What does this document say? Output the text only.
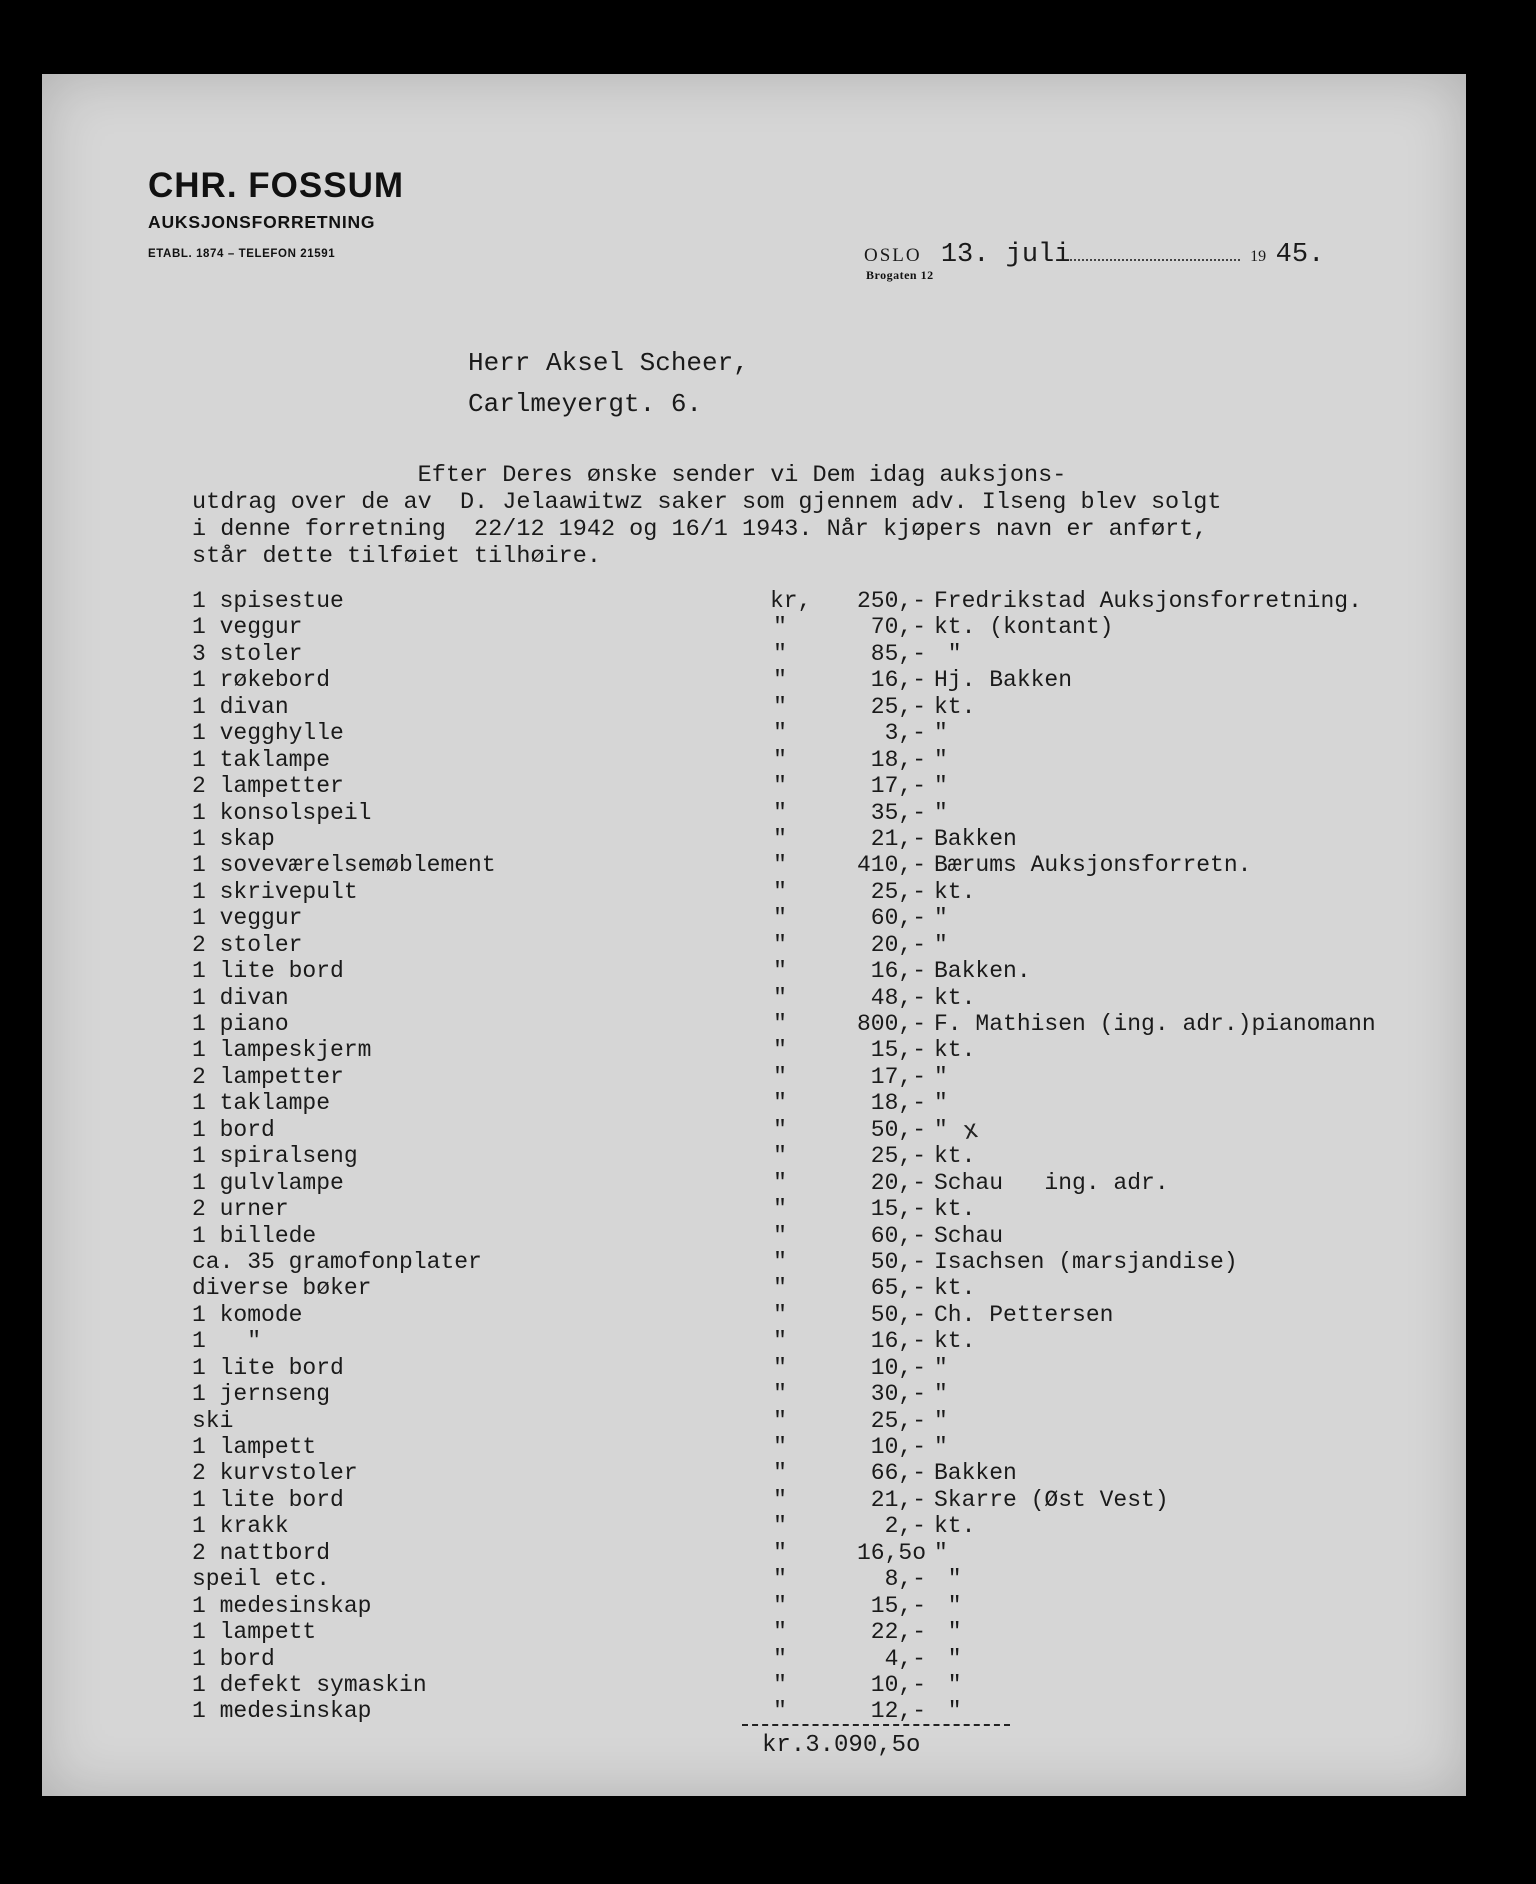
CHR. FOSSUM
AUKSJONSFORRETNING
ETABL. 1874 – TELEFON 21591	OSLO 13. juli	19 45.
Brogaten 12
Herr Aksel Scheer,
Carlmeyergt. 6.
Efter Deres ønske sender vi Dem idag auksjons-
utdrag over de av  D. Jelaawitwz saker som gjennem adv. Ilseng blev solgt
i denne forretning  22/12 1942 og 16/1 1943. Når kjøpers navn er anført,
står dette tilføiet tilhøire.
1 spisestue	kr,	250,- Fredrikstad Auksjonsforretning.
1 veggur	"	70,- kt. (kontant)
3 stoler	"	85,- "
1 røkebord	"	16,- Hj. Bakken
1 divan	"	25,- kt.
1 vegghylle	"	3,- "
1 taklampe	"	18,- "
2 lampetter	"	17,- "
1 konsolspeil	"	35,- "
1 skap	"	21,- Bakken
1 soveværelsemøblement	"	410,- Bærums Auksjonsforretn.
1 skrivepult	"	25,- kt.
1 veggur	"	60,- "
2 stoler	"	20,- "
1 lite bord	"	16,- Bakken.
1 divan	"	48,- kt.
1 piano	"	800,- F. Mathisen (ing. adr.)pianomann
1 lampeskjerm	"	15,- kt.
2 lampetter	"	17,- "
1 taklampe	"	18,- "
1 bord	"	50,- "
1 spiralseng	"	25,- kt.
1 gulvlampe	"	20,- Schau   ing. adr.
2 urner	"	15,- kt.
1 billede	"	60,- Schau
ca. 35 gramofonplater	"	50,- Isachsen (marsjandise)
diverse bøker	"	65,- kt.
1 komode	"	50,- Ch. Pettersen
1   "	"	16,- kt.
1 lite bord	"	10,- "
1 jernseng	"	30,- "
ski	"	25,- "
1 lampett	"	10,- "
2 kurvstoler	"	66,- Bakken
1 lite bord	"	21,- Skarre (Øst Vest)
1 krakk	"	2,- kt.
2 nattbord	"	16,5o "
speil etc.	"	8,- "
1 medesinskap	"	15,- "
1 lampett	"	22,- "
1 bord	"	4,- "
1 defekt symaskin	"	10,- "
1 medesinskap	"	12,- "
x
kr.3.090,5o
